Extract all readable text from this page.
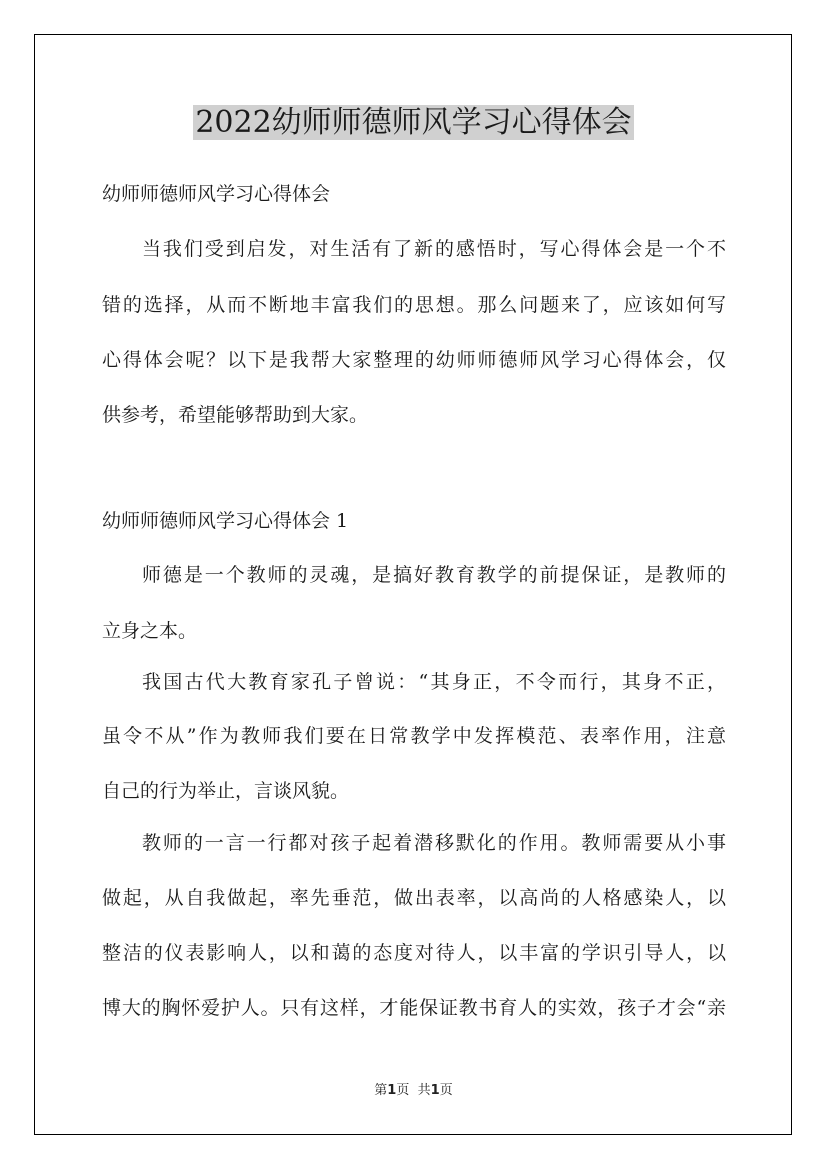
2022幼师师德师风学习心得体会

幼师师德师风学习心得体会

当我们受到启发，对生活有了新的感悟时，写心得体会是一个不

错的选择，从而不断地丰富我们的思想。那么问题来了，应该如何写

心得体会呢？以下是我帮大家整理的幼师师德师风学习心得体会，仅

供参考，希望能够帮助到大家。

幼师师德师风学习心得体会 1

师德是一个教师的灵魂，是搞好教育教学的前提保证，是教师的

立身之本。

我国古代大教育家孔子曾说：“其身正，不令而行，其身不正，

虽令不从”作为教师我们要在日常教学中发挥模范、表率作用，注意

自己的行为举止，言谈风貌。

教师的一言一行都对孩子起着潜移默化的作用。教师需要从小事

做起，从自我做起，率先垂范，做出表率，以高尚的人格感染人，以

整洁的仪表影响人，以和蔼的态度对待人，以丰富的学识引导人，以

博大的胸怀爱护人。只有这样，才能保证教书育人的实效，孩子才会“亲

第1页 共1页
